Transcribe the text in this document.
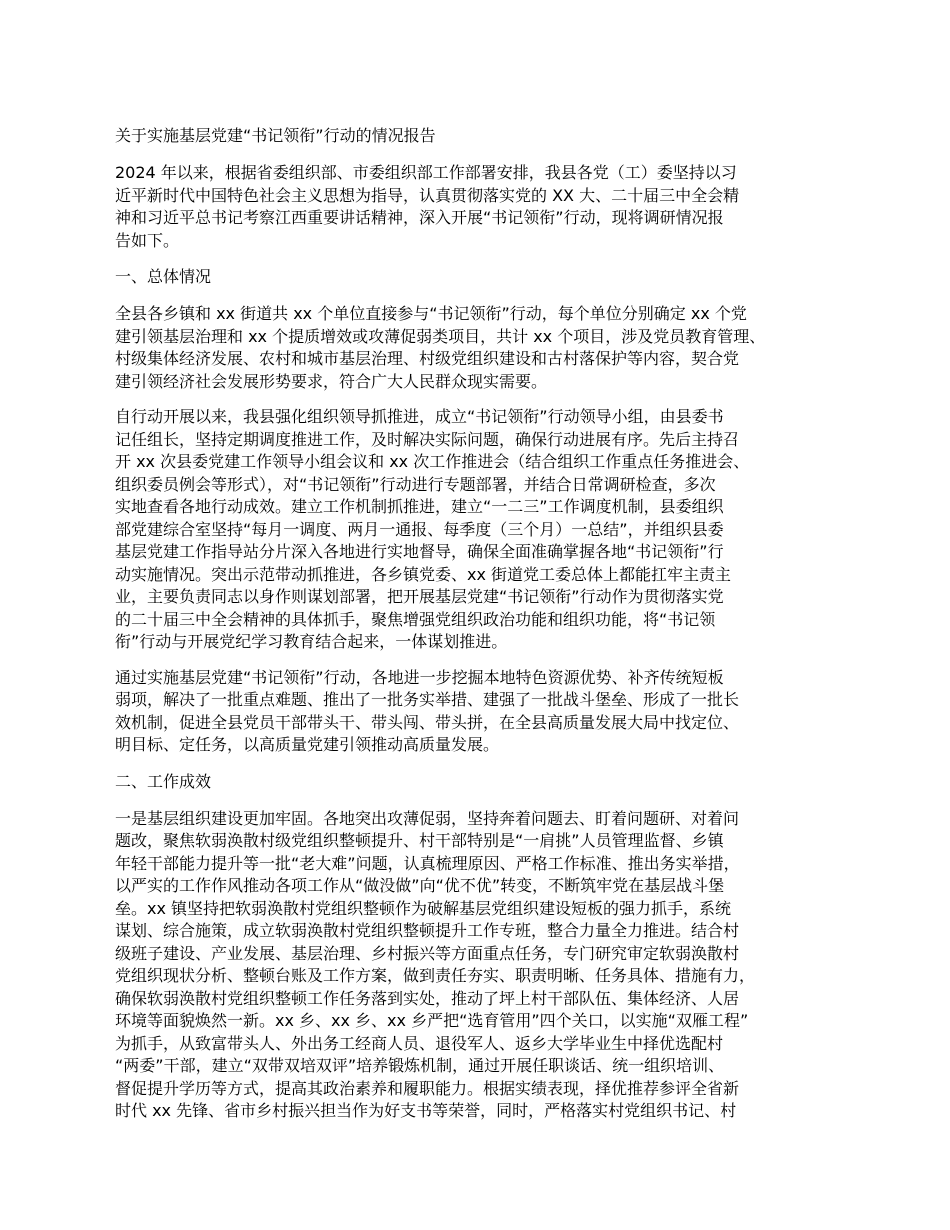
关于实施基层党建“书记领衔”行动的情况报告
2024 年以来，根据省委组织部、市委组织部工作部署安排，我县各党（工）委坚持以习
近平新时代中国特色社会主义思想为指导，认真贯彻落实党的 XX 大、二十届三中全会精
神和习近平总书记考察江西重要讲话精神，深入开展“书记领衔”行动，现将调研情况报
告如下。
一、总体情况
全县各乡镇和 xx 街道共 xx 个单位直接参与“书记领衔”行动，每个单位分别确定 xx 个党
建引领基层治理和 xx 个提质增效或攻薄促弱类项目，共计 xx 个项目，涉及党员教育管理、
村级集体经济发展、农村和城市基层治理、村级党组织建设和古村落保护等内容，契合党
建引领经济社会发展形势要求，符合广大人民群众现实需要。
自行动开展以来，我县强化组织领导抓推进，成立“书记领衔”行动领导小组，由县委书
记任组长，坚持定期调度推进工作，及时解决实际问题，确保行动进展有序。先后主持召
开 xx 次县委党建工作领导小组会议和 xx 次工作推进会（结合组织工作重点任务推进会、
组织委员例会等形式），对“书记领衔”行动进行专题部署，并结合日常调研检查，多次
实地查看各地行动成效。建立工作机制抓推进，建立“一二三”工作调度机制，县委组织
部党建综合室坚持“每月一调度、两月一通报、每季度（三个月）一总结”，并组织县委
基层党建工作指导站分片深入各地进行实地督导，确保全面准确掌握各地“书记领衔”行
动实施情况。突出示范带动抓推进，各乡镇党委、xx 街道党工委总体上都能扛牢主责主
业，主要负责同志以身作则谋划部署，把开展基层党建“书记领衔”行动作为贯彻落实党
的二十届三中全会精神的具体抓手，聚焦增强党组织政治功能和组织功能，将“书记领
衔”行动与开展党纪学习教育结合起来，一体谋划推进。
通过实施基层党建“书记领衔”行动，各地进一步挖掘本地特色资源优势、补齐传统短板
弱项，解决了一批重点难题、推出了一批务实举措、建强了一批战斗堡垒、形成了一批长
效机制，促进全县党员干部带头干、带头闯、带头拼，在全县高质量发展大局中找定位、
明目标、定任务，以高质量党建引领推动高质量发展。
二、工作成效
一是基层组织建设更加牢固。各地突出攻薄促弱，坚持奔着问题去、盯着问题研、对着问
题改，聚焦软弱涣散村级党组织整顿提升、村干部特别是“一肩挑”人员管理监督、乡镇
年轻干部能力提升等一批“老大难”问题，认真梳理原因、严格工作标准、推出务实举措，
以严实的工作作风推动各项工作从“做没做”向“优不优”转变，不断筑牢党在基层战斗堡
垒。xx 镇坚持把软弱涣散村党组织整顿作为破解基层党组织建设短板的强力抓手，系统
谋划、综合施策，成立软弱涣散村党组织整顿提升工作专班，整合力量全力推进。结合村
级班子建设、产业发展、基层治理、乡村振兴等方面重点任务，专门研究审定软弱涣散村
党组织现状分析、整顿台账及工作方案，做到责任夯实、职责明晰、任务具体、措施有力，
确保软弱涣散村党组织整顿工作任务落到实处，推动了坪上村干部队伍、集体经济、人居
环境等面貌焕然一新。xx 乡、xx 乡、xx 乡严把“选育管用”四个关口，以实施“双雁工程”
为抓手，从致富带头人、外出务工经商人员、退役军人、返乡大学毕业生中择优选配村
“两委”干部，建立“双带双培双评”培养锻炼机制，通过开展任职谈话、统一组织培训、
督促提升学历等方式，提高其政治素养和履职能力。根据实绩表现，择优推荐参评全省新
时代 xx 先锋、省市乡村振兴担当作为好支书等荣誉，同时，严格落实村党组织书记、村
